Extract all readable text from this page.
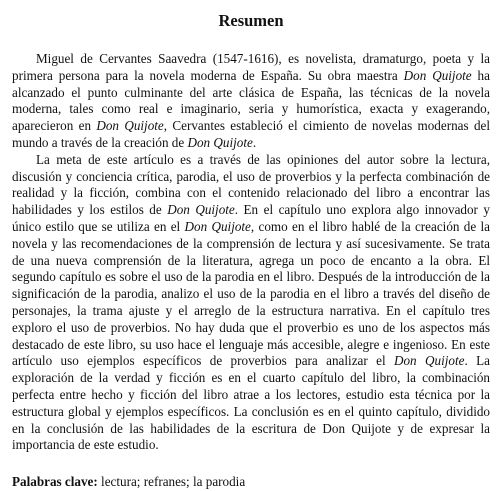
Resumen

Miguel de Cervantes Saavedra (1547-1616), es novelista, dramaturgo, poeta y la primera persona para la novela moderna de España. Su obra maestra Don Quijote ha alcanzado el punto culminante del arte clásica de España, las técnicas de la novela moderna, tales como real e imaginario, seria y humorística, exacta y exagerando, aparecieron en Don Quijote, Cervantes estableció el cimiento de novelas modernas del mundo a través de la creación de Don Quijote.

La meta de este artículo es a través de las opiniones del autor sobre la lectura, discusión y conciencia crítica, parodia, el uso de proverbios y la perfecta combinación de realidad y la ficción, combina con el contenido relacionado del libro a encontrar las habilidades y los estilos de Don Quijote. En el capítulo uno explora algo innovador y único estilo que se utiliza en el Don Quijote, como en el libro hablé de la creación de la novela y las recomendaciones de la comprensión de lectura y así sucesivamente. Se trata de una nueva comprensión de la literatura, agrega un poco de encanto a la obra. El segundo capítulo es sobre el uso de la parodia en el libro. Después de la introducción de la significación de la parodia, analizo el uso de la parodia en el libro a través del diseño de personajes, la trama ajuste y el arreglo de la estructura narrativa. En el capítulo tres exploro el uso de proverbios. No hay duda que el proverbio es uno de los aspectos más destacado de este libro, su uso hace el lenguaje más accesible, alegre e ingenioso. En este artículo uso ejemplos específicos de proverbios para analizar el Don Quijote. La exploración de la verdad y ficción es en el cuarto capítulo del libro, la combinación perfecta entre hecho y ficción del libro atrae a los lectores, estudio esta técnica por la estructura global y ejemplos específicos. La conclusión es en el quinto capítulo, dividido en la conclusión de las habilidades de la escritura de Don Quijote y de expresar la importancia de este estudio.

Palabras clave: lectura; refranes; la parodia
